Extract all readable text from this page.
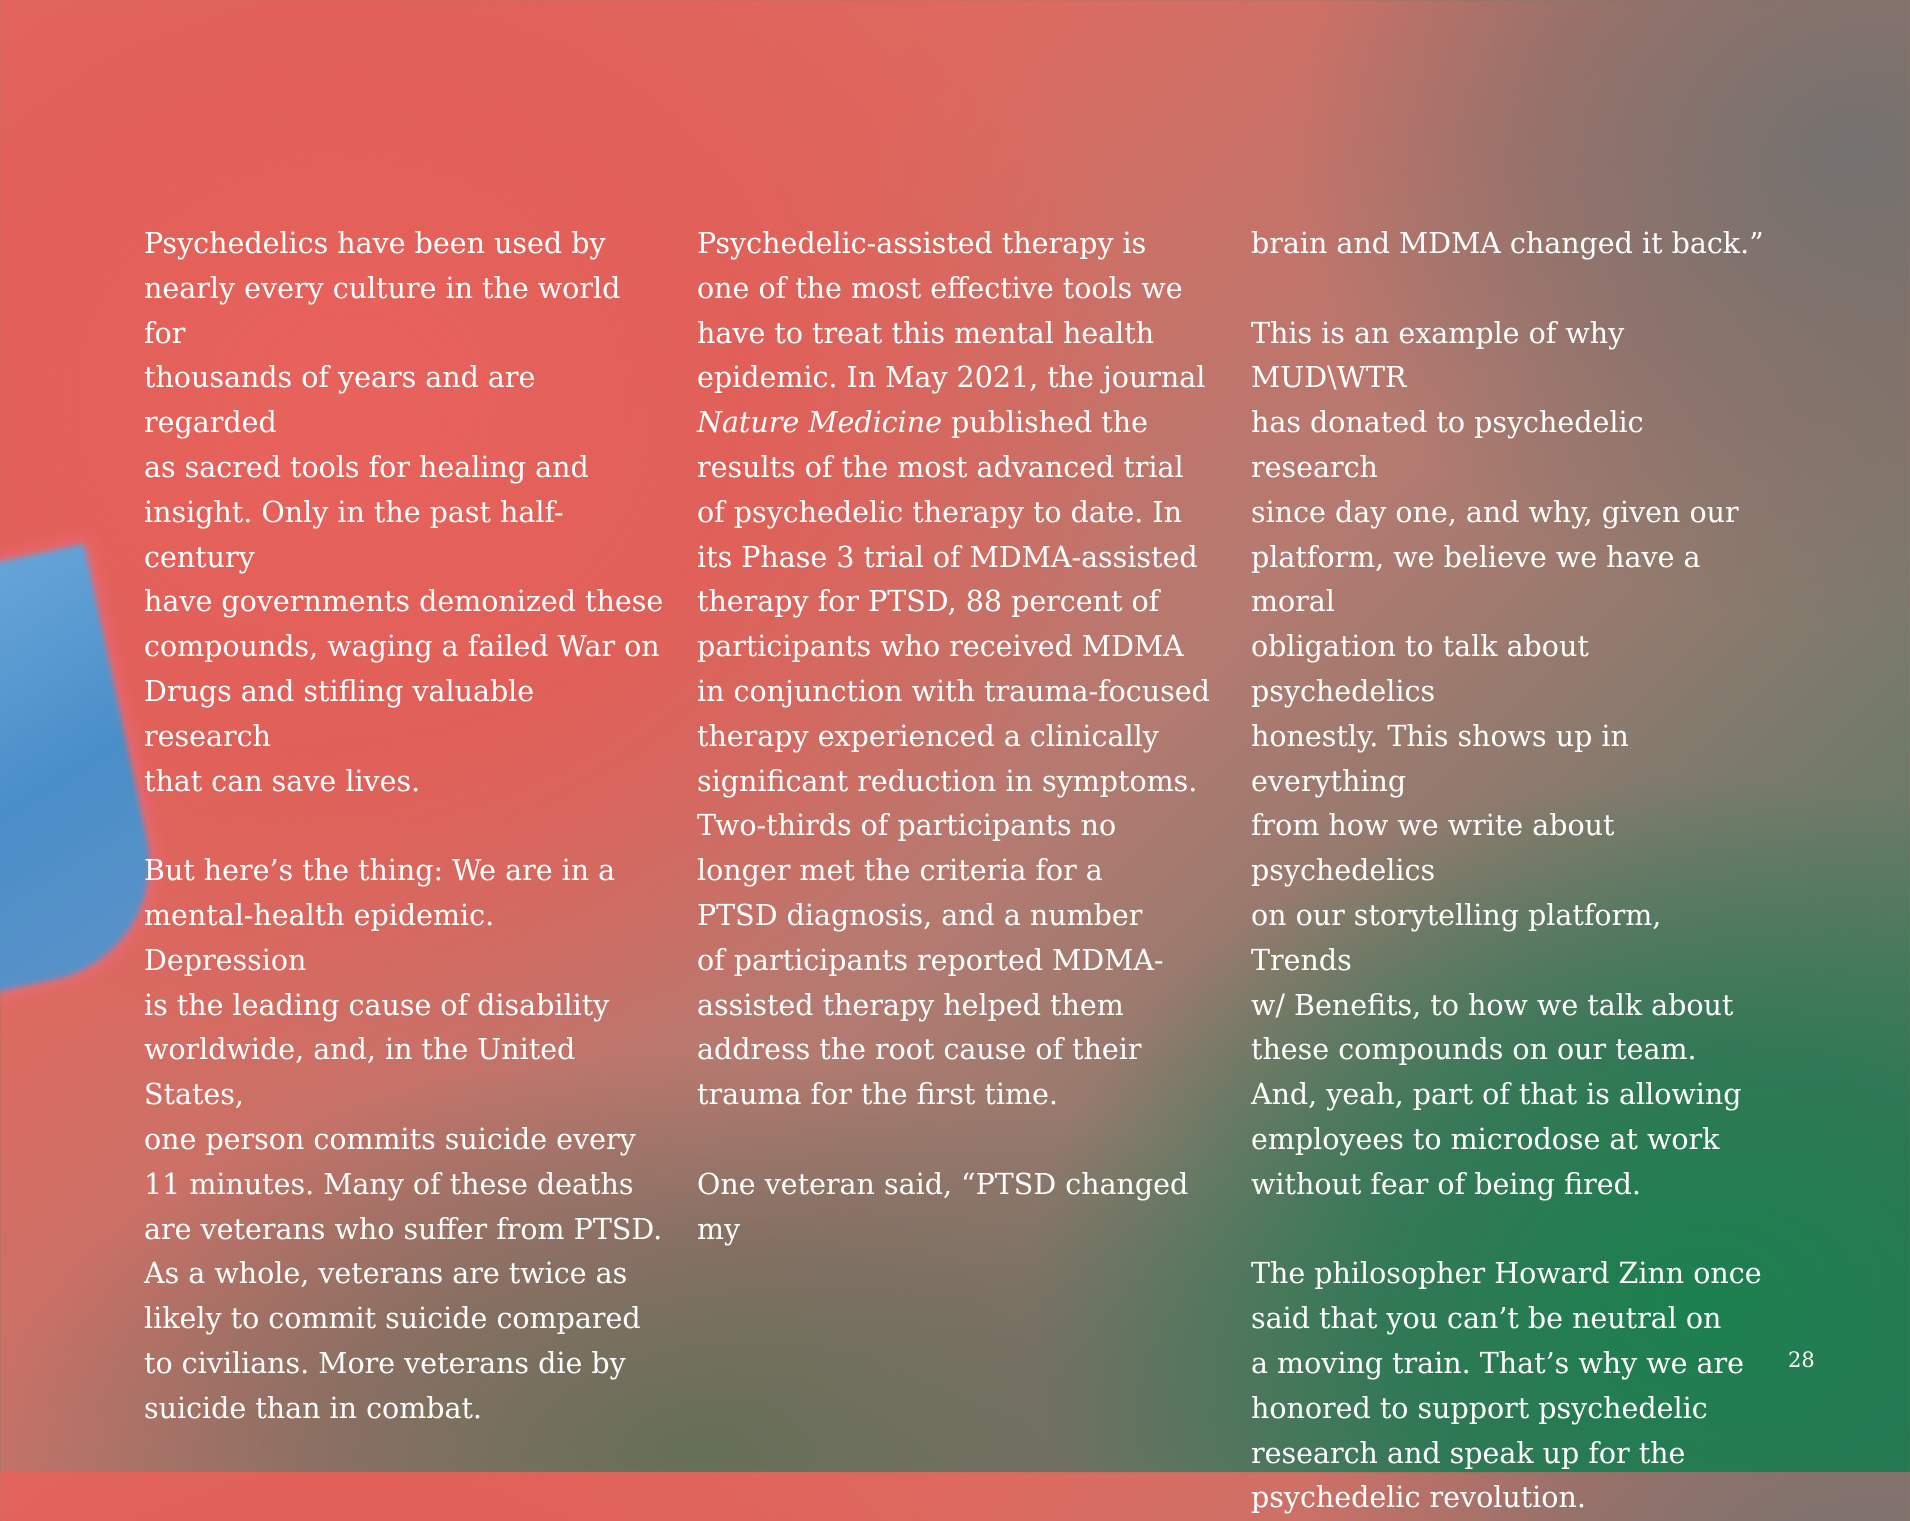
Psychedelics have been used by
nearly every culture in the world for
thousands of years and are regarded
as sacred tools for healing and
insight. Only in the past half-century
have governments demonized these
compounds, waging a failed War on
Drugs and stifling valuable research
that can save lives.

But here’s the thing: We are in a
mental-health epidemic. Depression
is the leading cause of disability
worldwide, and, in the United States,
one person commits suicide every
11 minutes. Many of these deaths
are veterans who suffer from PTSD.
As a whole, veterans are twice as
likely to commit suicide compared
to civilians. More veterans die by
suicide than in combat.

Psychedelic-assisted therapy is
one of the most effective tools we
have to treat this mental health
epidemic. In May 2021, the journal
Nature Medicine published the
results of the most advanced trial
of psychedelic therapy to date. In
its Phase 3 trial of MDMA-assisted
therapy for PTSD, 88 percent of
participants who received MDMA
in conjunction with trauma-focused
therapy experienced a clinically
significant reduction in symptoms.
Two-thirds of participants no
longer met the criteria for a
PTSD diagnosis, and a number
of participants reported MDMA-
assisted therapy helped them
address the root cause of their
trauma for the first time.

One veteran said, “PTSD changed my

brain and MDMA changed it back.”

This is an example of why MUD\WTR
has donated to psychedelic research
since day one, and why, given our
platform, we believe we have a moral
obligation to talk about psychedelics
honestly. This shows up in everything
from how we write about psychedelics
on our storytelling platform, Trends
w/ Benefits, to how we talk about
these compounds on our team.
And, yeah, part of that is allowing
employees to microdose at work
without fear of being fired.

The philosopher Howard Zinn once
said that you can’t be neutral on
a moving train. That’s why we are
honored to support psychedelic
research and speak up for the
psychedelic revolution.

28
